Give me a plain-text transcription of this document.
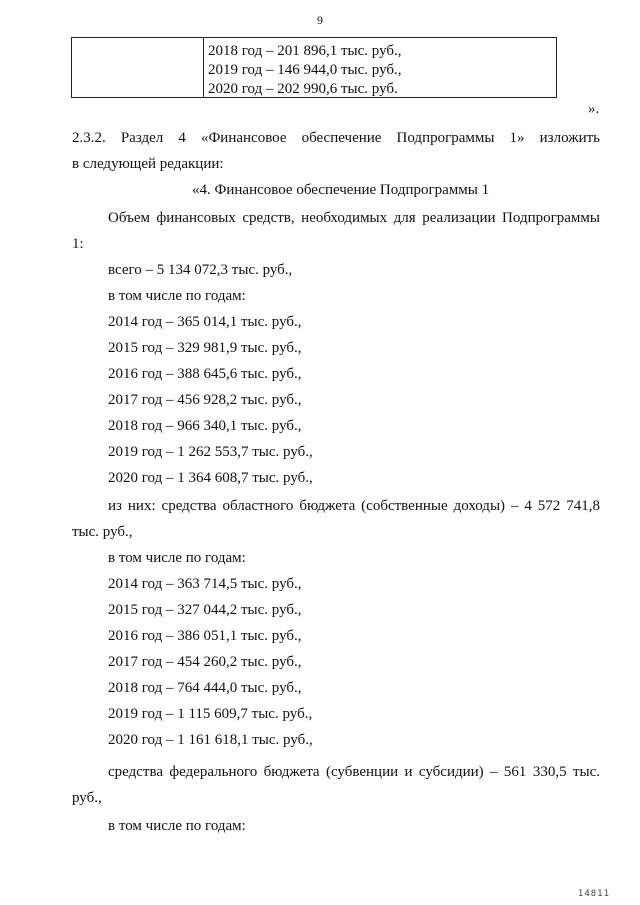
9
2018 год – 201 896,1 тыс. руб.,
2019 год – 146 944,0 тыс. руб.,
2020 год – 202 990,6 тыс. руб.
».
2.3.2. Раздел 4 «Финансовое обеспечение Подпрограммы 1» изложить
в следующей редакции:
«4. Финансовое обеспечение Подпрограммы 1
Объем финансовых средств, необходимых для реализации Подпрограммы
1:
всего – 5 134 072,3 тыс. руб.,
в том числе по годам:
2014 год – 365 014,1 тыс. руб.,
2015 год – 329 981,9 тыс. руб.,
2016 год – 388 645,6 тыс. руб.,
2017 год – 456 928,2 тыс. руб.,
2018 год – 966 340,1 тыс. руб.,
2019 год – 1 262 553,7 тыс. руб.,
2020 год – 1 364 608,7 тыс. руб.,
из них: средства областного бюджета (собственные доходы) – 4 572 741,8
тыс. руб.,
в том числе по годам:
2014 год – 363 714,5 тыс. руб.,
2015 год – 327 044,2 тыс. руб.,
2016 год – 386 051,1 тыс. руб.,
2017 год – 454 260,2 тыс. руб.,
2018 год – 764 444,0 тыс. руб.,
2019 год – 1 115 609,7 тыс. руб.,
2020 год – 1 161 618,1 тыс. руб.,
средства федерального бюджета (субвенции и субсидии) – 561 330,5 тыс.
руб.,
в том числе по годам:
14811
